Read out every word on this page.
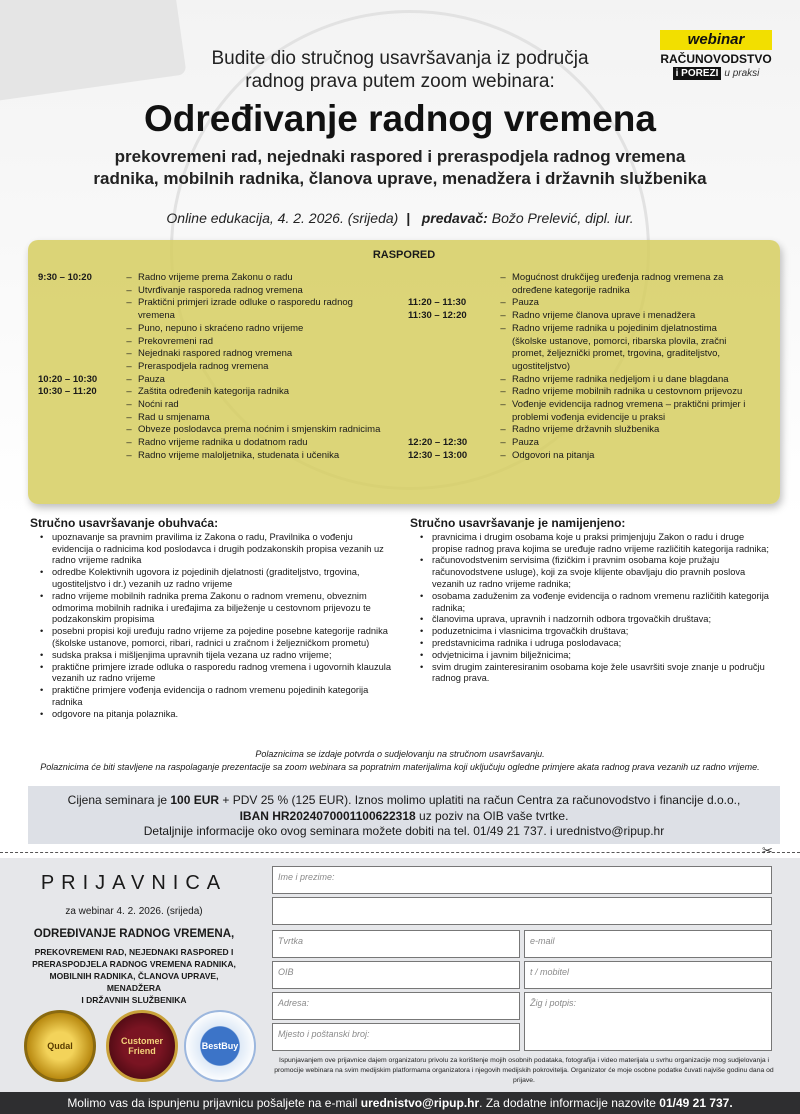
Budite dio stručnog usavršavanja iz područja
radnog prava putem zoom webinara:
webinar
RAČUNOVODSTVO
i POREZI u praksi
Određivanje radnog vremena
prekovremeni rad, nejednaki raspored i preraspodjela radnog vremena
radnika, mobilnih radnika, članova uprave, menadžera i državnih službenika
Online edukacija, 4. 2. 2026. (srijeda) | predavač: Božo Prelević, dipl. iur.
RASPORED
9:30 – 10:20	– Radno vrijeme prema Zakonu o radu
– Utvrđivanje rasporeda radnog vremena
– Praktični primjeri izrade odluke o rasporedu radnog
vremena
– Puno, nepuno i skraćeno radno vrijeme
– Prekovremeni rad
– Nejednaki raspored radnog vremena
– Preraspodjela radnog vremena
10:20 – 10:30	– Pauza
10:30 – 11:20	– Zaštita određenih kategorija radnika
– Noćni rad
– Rad u smjenama
– Obveze poslodavca prema noćnim i smjenskim radnicima
– Radno vrijeme radnika u dodatnom radu
– Radno vrijeme maloljetnika, studenata i učenika
– Mogućnost drukčijeg uređenja radnog vremena za
određene kategorije radnika
11:20 – 11:30	– Pauza
11:30 – 12:20	– Radno vrijeme članova uprave i menadžera
– Radno vrijeme radnika u pojedinim djelatnostima
(školske ustanove, pomorci, ribarska plovila, zračni
promet, željeznički promet, trgovina, graditeljstvo,
ugostiteljstvo)
– Radno vrijeme radnika nedjeljom i u dane blagdana
– Radno vrijeme mobilnih radnika u cestovnom prijevozu
– Vođenje evidencija radnog vremena – praktični primjer i
problemi vođenja evidencije u praksi
– Radno vrijeme državnih službenika
12:20 – 12:30	– Pauza
12:30 – 13:00	– Odgovori na pitanja
Stručno usavršavanje obuhvaća:
• upoznavanje sa pravnim pravilima iz Zakona o radu, Pravilnika o vođenju evidencija o radnicima kod poslodavca i drugih podzakonskih propisa vezanih uz radno vrijeme radnika
• odredbe Kolektivnih ugovora iz pojedinih djelatnosti (graditeljstvo, trgovina, ugostiteljstvo i dr.) vezanih uz radno vrijeme
• radno vrijeme mobilnih radnika prema Zakonu o radnom vremenu, obveznim odmorima mobilnih radnika i uređajima za bilježenje u cestovnom prijevozu te podzakonskim propisima
• posebni propisi koji uređuju radno vrijeme za pojedine posebne kategorije radnika (školske ustanove, pomorci, ribari, radnici u zračnom i željezničkom prometu)
• sudska praksa i mišljenjima upravnih tijela vezana uz radno vrijeme;
• praktične primjere izrade odluka o rasporedu radnog vremena i ugovornih klauzula vezanih uz radno vrijeme
• praktične primjere vođenja evidencija o radnom vremenu pojedinih kategorija radnika
• odgovore na pitanja polaznika.
Stručno usavršavanje je namijenjeno:
• pravnicima i drugim osobama koje u praksi primjenjuju Zakon o radu i druge propise radnog prava kojima se uređuje radno vrijeme različitih kategorija radnika;
• računovodstvenim servisima (fizičkim i pravnim osobama koje pružaju računovodstvene usluge), koji za svoje klijente obavljaju dio pravnih poslova vezanih uz radno vrijeme radnika;
• osobama zaduženim za vođenje evidencija o radnom vremenu različitih kategorija radnika;
• članovima uprava, upravnih i nadzornih odbora trgovačkih društava;
• poduzetnicima i vlasnicima trgovačkih društava;
• predstavnicima radnika i udruga poslodavaca;
• odvjetnicima i javnim bilježnicima;
• svim drugim zainteresiranim osobama koje žele usavršiti svoje znanje u području radnog prava.
Polaznicima se izdaje potvrda o sudjelovanju na stručnom usavršavanju.
Polaznicima će biti stavljene na raspolaganje prezentacije sa zoom webinara sa popratnim materijalima koji uključuju ogledne primjere akata radnog prava vezanih uz radno vrijeme.
Cijena seminara je 100 EUR + PDV 25 % (125 EUR). Iznos molimo uplatiti na račun Centra za računovodstvo i financije d.o.o.,
IBAN HR2024070001100622318 uz poziv na OIB vaše tvrtke.
Detaljnije informacije oko ovog seminara možete dobiti na tel. 01/49 21 737. i urednistvo@ripup.hr
✂
PRIJAVNICA
za webinar 4. 2. 2026. (srijeda)
ODREĐIVANJE RADNOG VREMENA,
PREKOVREMENI RAD, NEJEDNAKI RASPORED I
PRERASPODJELA RADNOG VREMENA RADNIKA,
MOBILNIH RADNIKA, ČLANOVA UPRAVE, MENADŽERA
I DRŽAVNIH SLUŽBENIKA
Qudal	Customer Friend	BestBuy
Ime i prezime:
Tvrtka	e-mail
OIB	t / mobitel
Adresa:	Žig i potpis:
Mjesto i poštanski broj:
Ispunjavanjem ove prijavnice dajem organizatoru privolu za korištenje mojih osobnih podataka, fotografija i video materijala u svrhu organizacije mog sudjelovanja i promocije webinara na svim medijskim platformama organizatora i njegovih medijskih pokrovitelja. Organizator će moje osobne podatke čuvati najviše godinu dana od prijave.
Molimo vas da ispunjenu prijavnicu pošaljete na e-mail urednistvo@ripup.hr. Za dodatne informacije nazovite 01/49 21 737.
